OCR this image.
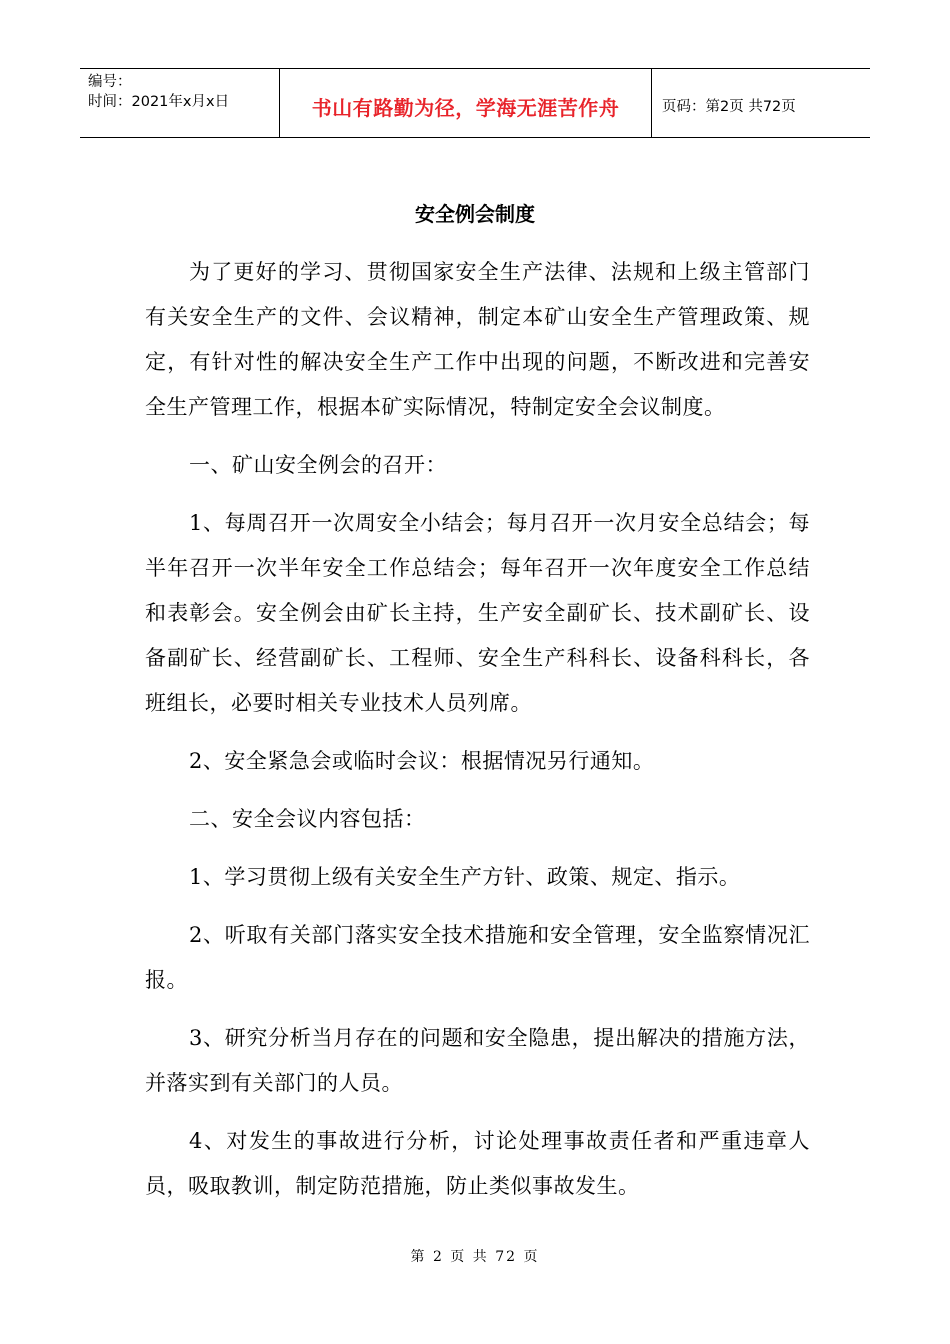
编号：
时间：2021年x月x日	书山有路勤为径，学海无涯苦作舟	页码：第2页 共72页
安全例会制度

为了更好的学习、贯彻国家安全生产法律、法规和上级主管部门有关安全生产的文件、会议精神，制定本矿山安全生产管理政策、规定，有针对性的解决安全生产工作中出现的问题，不断改进和完善安全生产管理工作，根据本矿实际情况，特制定安全会议制度。

一、矿山安全例会的召开：

1、每周召开一次周安全小结会；每月召开一次月安全总结会；每半年召开一次半年安全工作总结会；每年召开一次年度安全工作总结和表彰会。安全例会由矿长主持，生产安全副矿长、技术副矿长、设备副矿长、经营副矿长、工程师、安全生产科科长、设备科科长，各班组长，必要时相关专业技术人员列席。

2、安全紧急会或临时会议：根据情况另行通知。

二、安全会议内容包括：

1、学习贯彻上级有关安全生产方针、政策、规定、指示。

2、听取有关部门落实安全技术措施和安全管理，安全监察情况汇报。

3、研究分析当月存在的问题和安全隐患，提出解决的措施方法，并落实到有关部门的人员。

4、对发生的事故进行分析，讨论处理事故责任者和严重违章人员，吸取教训，制定防范措施，防止类似事故发生。

第 2 页 共 72 页
